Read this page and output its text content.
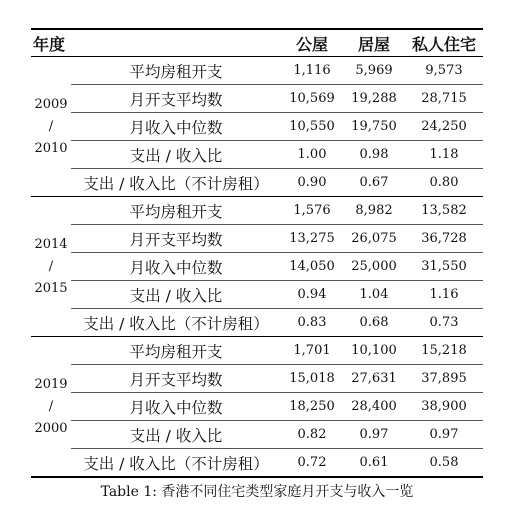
年度		公屋	居屋	私人住宅

2009
/
2010	平均房租开支	1,116	5,969	9,573
	月开支平均数	10,569	19,288	28,715
	月收入中位数	10,550	19,750	24,250
	支出 / 收入比	1.00	0.98	1.18
	支出 / 收入比（不计房租）	0.90	0.67	0.80

2014
/
2015	平均房租开支	1,576	8,982	13,582
	月开支平均数	13,275	26,075	36,728
	月收入中位数	14,050	25,000	31,550
	支出 / 收入比	0.94	1.04	1.16
	支出 / 收入比（不计房租）	0.83	0.68	0.73

2019
/
2000	平均房租开支	1,701	10,100	15,218
	月开支平均数	15,018	27,631	37,895
	月收入中位数	18,250	28,400	38,900
	支出 / 收入比	0.82	0.97	0.97
	支出 / 收入比（不计房租）	0.72	0.61	0.58
Table 1: 香港不同住宅类型家庭月开支与收入一览
